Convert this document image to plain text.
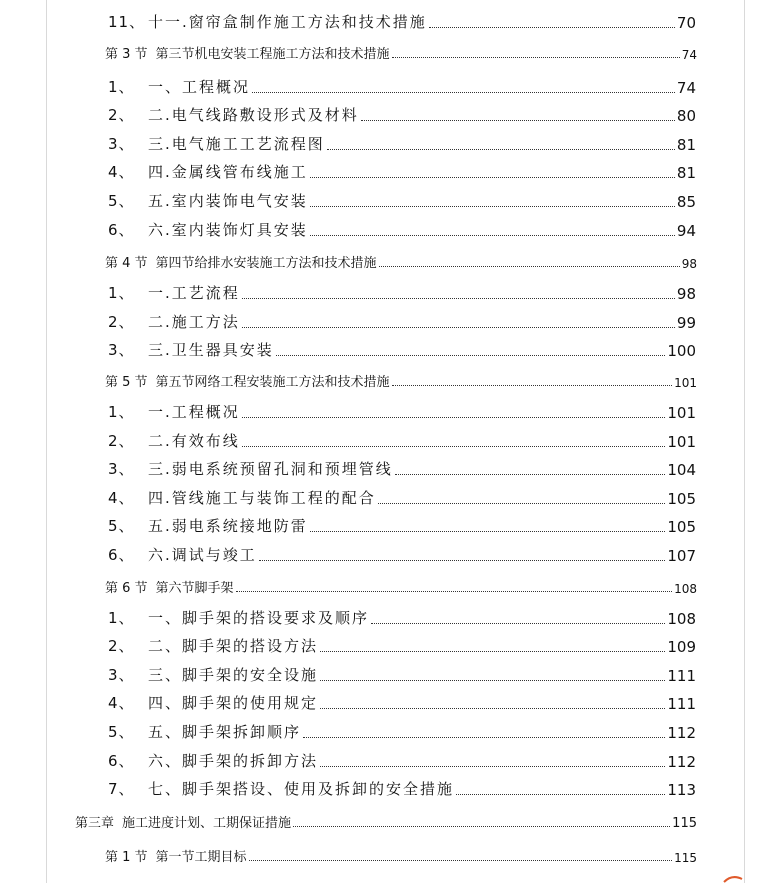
11、 十一.窗帘盒制作施工方法和技术措施	70
第 3 节 第三节机电安装工程施工方法和技术措施	74
1、 一、工程概况	74
2、 二.电气线路敷设形式及材料	80
3、 三.电气施工工艺流程图	81
4、 四.金属线管布线施工	81
5、 五.室内装饰电气安装	85
6、 六.室内装饰灯具安装	94
第 4 节 第四节给排水安装施工方法和技术措施	98
1、 一.工艺流程	98
2、 二.施工方法	99
3、 三.卫生器具安装	100
第 5 节 第五节网络工程安装施工方法和技术措施	101
1、 一.工程概况	101
2、 二.有效布线	101
3、 三.弱电系统预留孔洞和预埋管线	104
4、 四.管线施工与装饰工程的配合	105
5、 五.弱电系统接地防雷	105
6、 六.调试与竣工	107
第 6 节 第六节脚手架	108
1、 一、脚手架的搭设要求及顺序	108
2、 二、脚手架的搭设方法	109
3、 三、脚手架的安全设施	111
4、 四、脚手架的使用规定	111
5、 五、脚手架拆卸顺序	112
6、 六、脚手架的拆卸方法	112
7、 七、脚手架搭设、使用及拆卸的安全措施	113
第三章 施工进度计划、工期保证措施	115
第 1 节 第一节工期目标	115
